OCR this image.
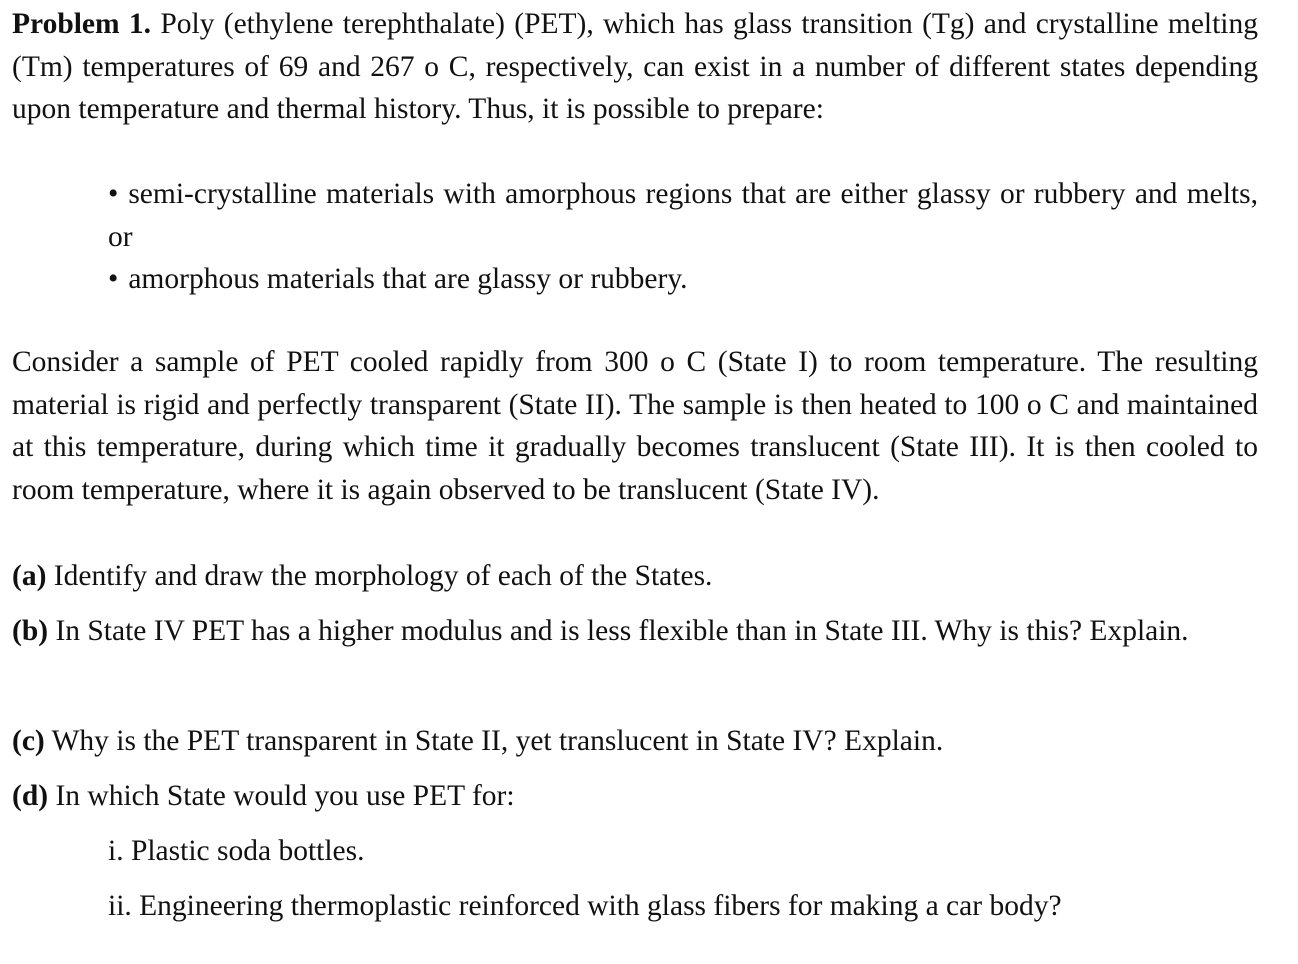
Problem 1. Poly (ethylene terephthalate) (PET), which has glass transition (Tg) and crystalline melting (Tm) temperatures of 69 and 267 o C, respectively, can exist in a number of different states depending upon temperature and thermal history. Thus, it is possible to prepare:
• semi-crystalline materials with amorphous regions that are either glassy or rubbery and melts, or
• amorphous materials that are glassy or rubbery.
Consider a sample of PET cooled rapidly from 300 o C (State I) to room temperature. The resulting material is rigid and perfectly transparent (State II). The sample is then heated to 100 o C and maintained at this temperature, during which time it gradually becomes translucent (State III). It is then cooled to room temperature, where it is again observed to be translucent (State IV).
(a) Identify and draw the morphology of each of the States.
(b) In State IV PET has a higher modulus and is less flexible than in State III. Why is this? Explain.
(c) Why is the PET transparent in State II, yet translucent in State IV? Explain.
(d) In which State would you use PET for:
i. Plastic soda bottles.
ii. Engineering thermoplastic reinforced with glass fibers for making a car body?
